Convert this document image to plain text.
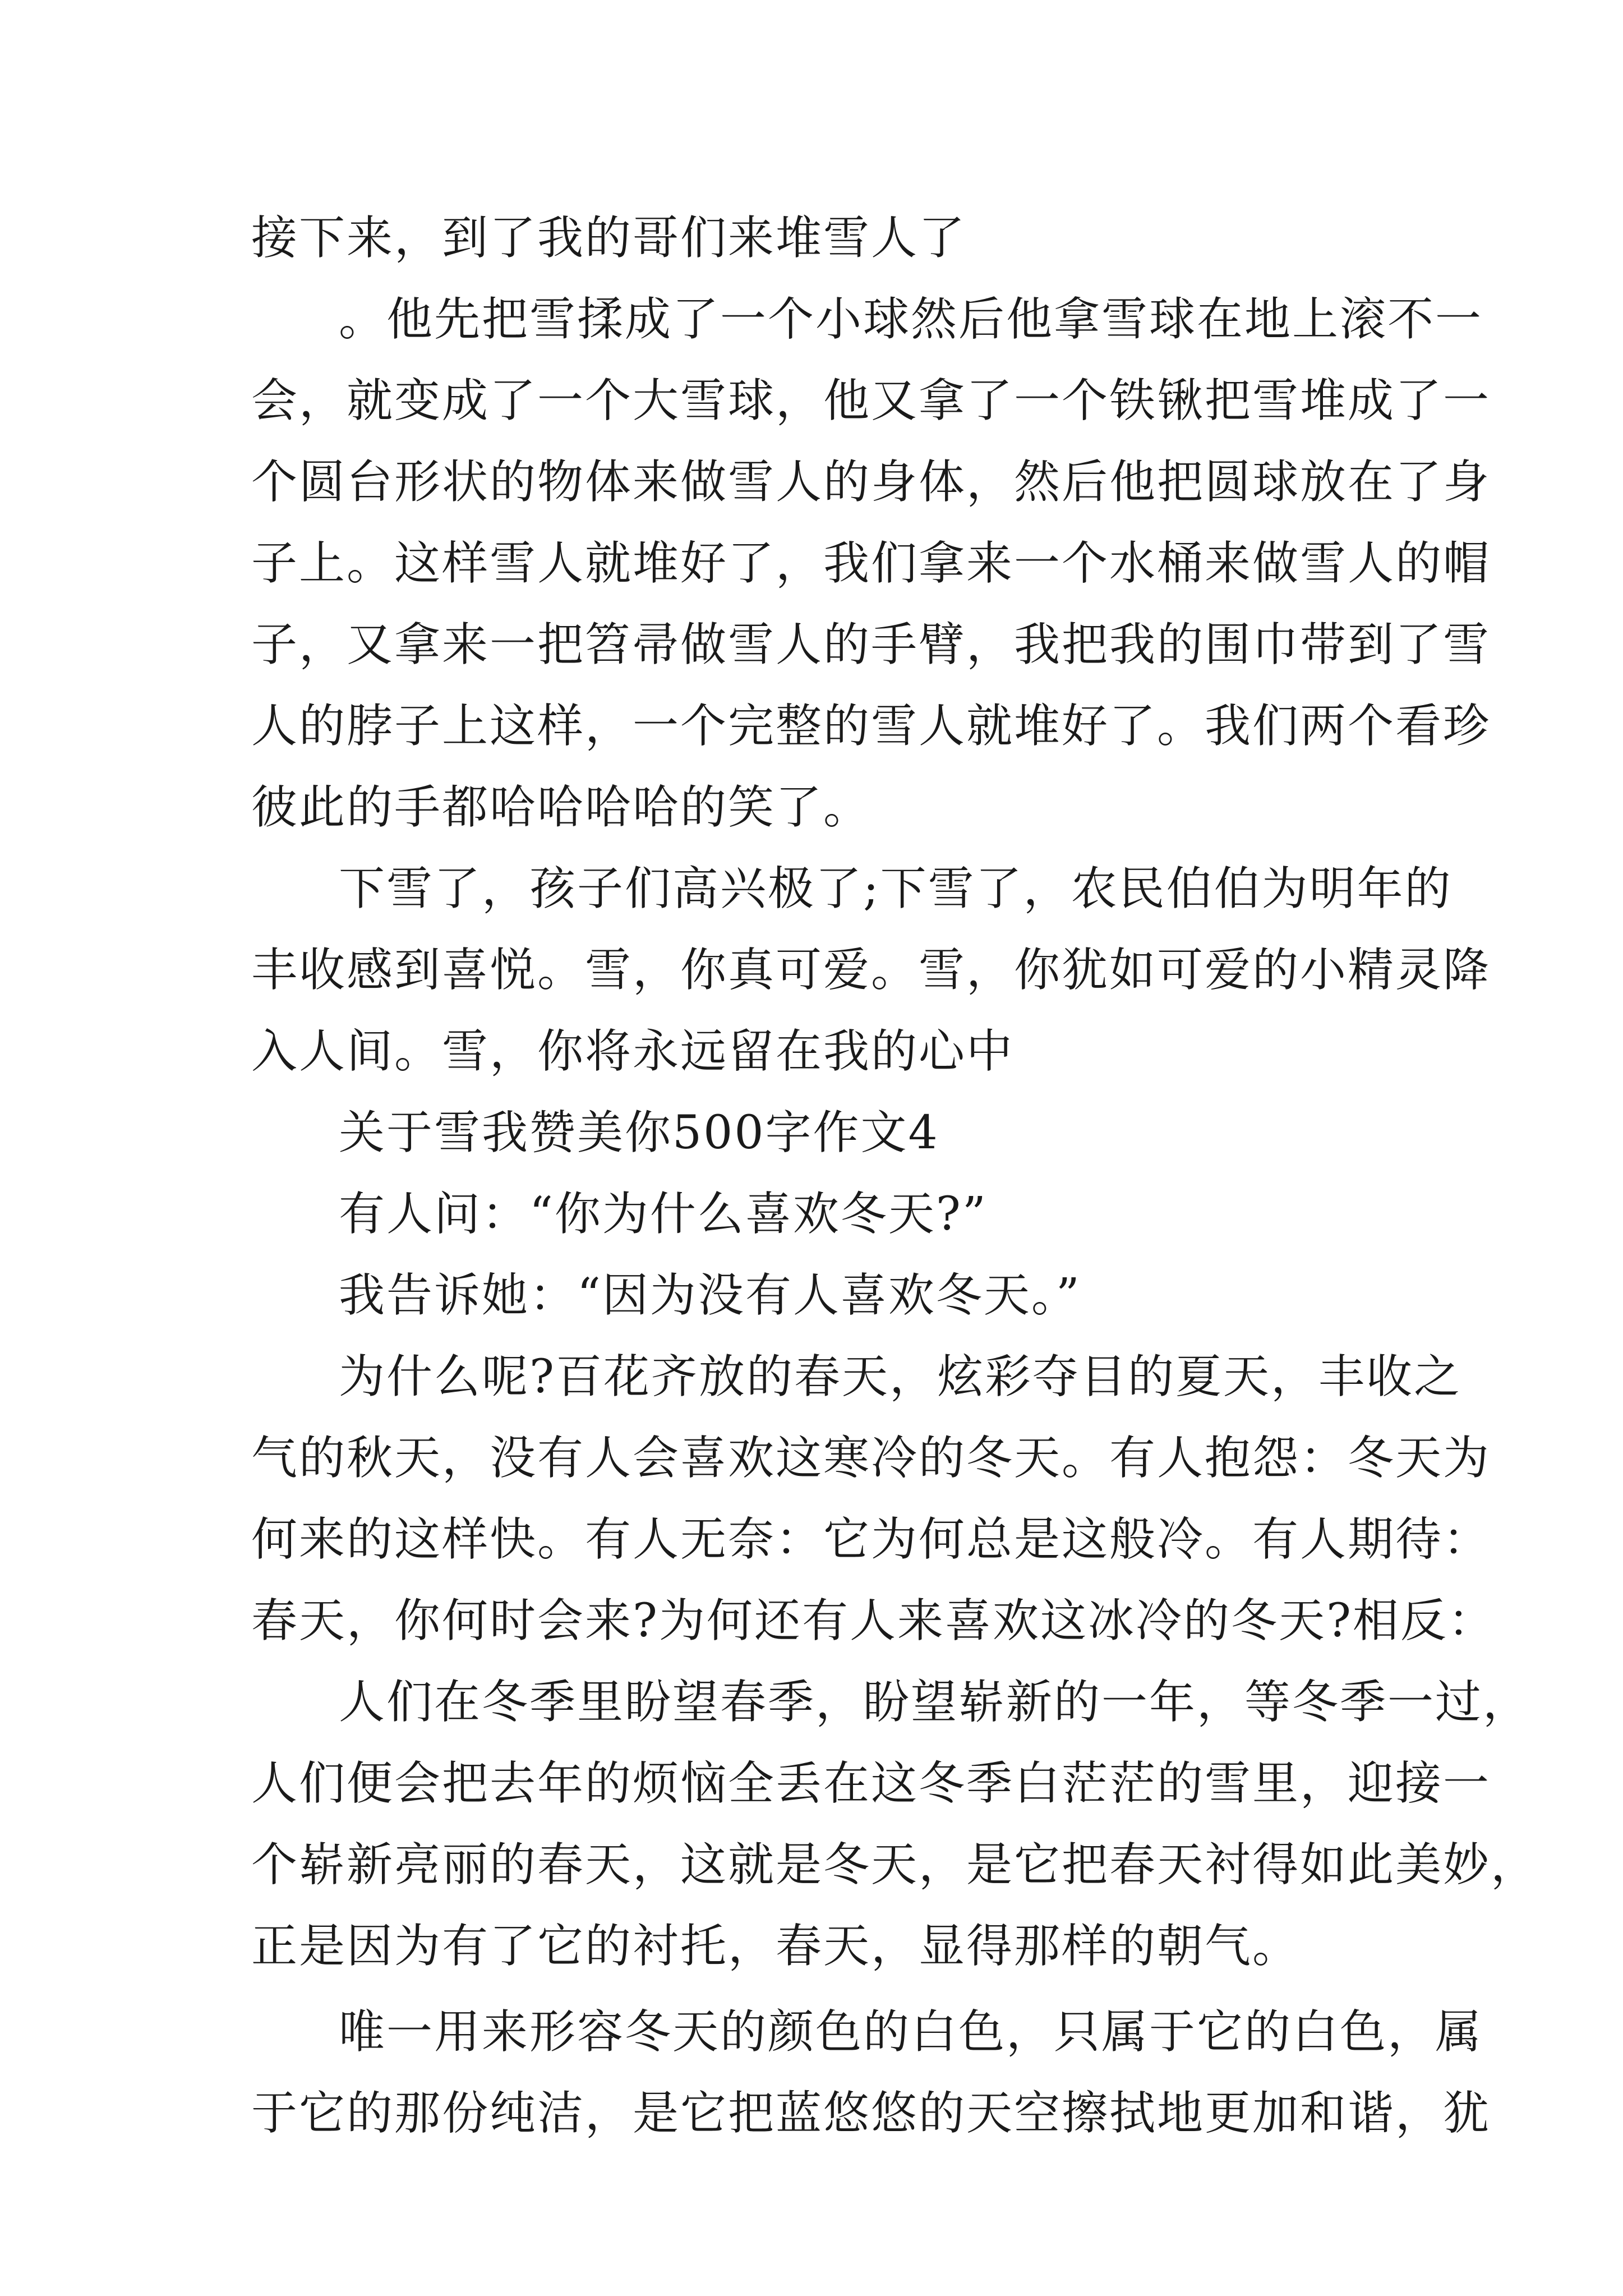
接下来，到了我的哥们来堆雪人了
。他先把雪揉成了一个小球然后他拿雪球在地上滚不一
会，就变成了一个大雪球，他又拿了一个铁锹把雪堆成了一
个圆台形状的物体来做雪人的身体，然后他把圆球放在了身
子上。这样雪人就堆好了，我们拿来一个水桶来做雪人的帽
子，又拿来一把笤帚做雪人的手臂，我把我的围巾带到了雪
人的脖子上这样，一个完整的雪人就堆好了。我们两个看珍
彼此的手都哈哈哈哈的笑了。
下雪了，孩子们高兴极了;下雪了，农民伯伯为明年的
丰收感到喜悦。雪，你真可爱。雪，你犹如可爱的小精灵降
入人间。雪，你将永远留在我的心中
关于雪我赞美你500字作文4
有人问：“你为什么喜欢冬天?”
我告诉她：“因为没有人喜欢冬天。”
为什么呢?百花齐放的春天，炫彩夺目的夏天，丰收之
气的秋天，没有人会喜欢这寒冷的冬天。有人抱怨：冬天为
何来的这样快。有人无奈：它为何总是这般冷。有人期待：
春天，你何时会来?为何还有人来喜欢这冰冷的冬天?相反：
人们在冬季里盼望春季，盼望崭新的一年，等冬季一过，
人们便会把去年的烦恼全丢在这冬季白茫茫的雪里，迎接一
个崭新亮丽的春天，这就是冬天，是它把春天衬得如此美妙，
正是因为有了它的衬托，春天，显得那样的朝气。
唯一用来形容冬天的颜色的白色，只属于它的白色，属
于它的那份纯洁，是它把蓝悠悠的天空擦拭地更加和谐，犹
